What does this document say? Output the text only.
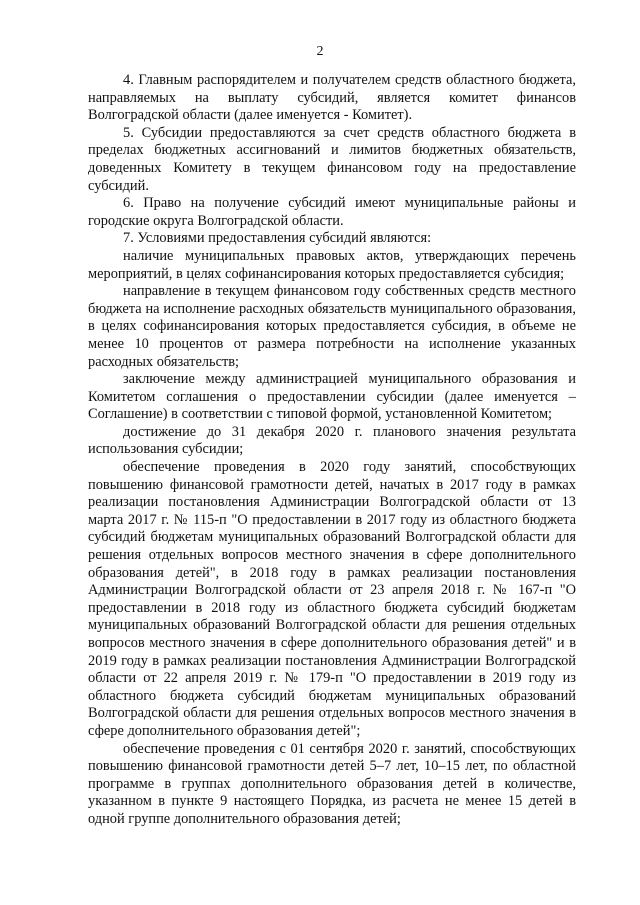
2

4. Главным распорядителем и получателем средств областного бюджета, направляемых на выплату субсидий, является комитет финансов Волгоградской области (далее именуется - Комитет).

5. Субсидии предоставляются за счет средств областного бюджета в пределах бюджетных ассигнований и лимитов бюджетных обязательств, доведенных Комитету в текущем финансовом году на предоставление субсидий.

6. Право на получение субсидий имеют муниципальные районы и городские округа Волгоградской области.

7. Условиями предоставления субсидий являются:

наличие муниципальных правовых актов, утверждающих перечень мероприятий, в целях софинансирования которых предоставляется субсидия;

направление в текущем финансовом году собственных средств местного бюджета на исполнение расходных обязательств муниципального образования, в целях софинансирования которых предоставляется субсидия, в объеме не менее 10 процентов от размера потребности на исполнение указанных расходных обязательств;

заключение между администрацией муниципального образования и Комитетом соглашения о предоставлении субсидии (далее именуется – Соглашение) в соответствии с типовой формой, установленной Комитетом;

достижение до 31 декабря 2020 г. планового значения результата использования субсидии;

обеспечение проведения в 2020 году занятий, способствующих повышению финансовой грамотности детей, начатых в 2017 году в рамках реализации постановления Администрации Волгоградской области от 13 марта 2017 г. № 115-п "О предоставлении в 2017 году из областного бюджета субсидий бюджетам муниципальных образований Волгоградской области для решения отдельных вопросов местного значения в сфере дополнительного образования детей", в 2018 году в рамках реализации постановления Администрации Волгоградской области от 23 апреля 2018 г. № 167-п "О предоставлении в 2018 году из областного бюджета субсидий бюджетам муниципальных образований Волгоградской области для решения отдельных вопросов местного значения в сфере дополнительного образования детей" и в 2019 году в рамках реализации постановления Администрации Волгоградской области от 22 апреля 2019 г. № 179-п "О предоставлении в 2019 году из областного бюджета субсидий бюджетам муниципальных образований Волгоградской области для решения отдельных вопросов местного значения в сфере дополнительного образования детей";

обеспечение проведения с 01 сентября 2020 г. занятий, способствующих повышению финансовой грамотности детей 5–7 лет, 10–15 лет, по областной программе в группах дополнительного образования детей в количестве, указанном в пункте 9 настоящего Порядка, из расчета не менее 15 детей в одной группе дополнительного образования детей;
